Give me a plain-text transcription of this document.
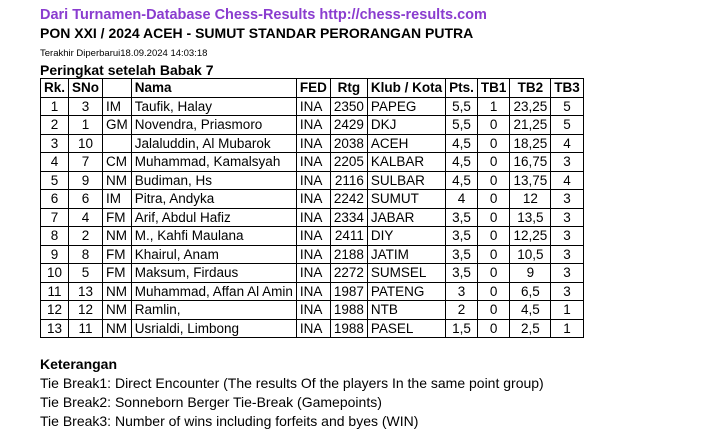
Dari Turnamen-Database Chess-Results http://chess-results.com
PON XXI / 2024 ACEH - SUMUT STANDAR PERORANGAN PUTRA
Terakhir Diperbarui18.09.2024 14:03:18
Peringkat setelah Babak 7
Rk.	SNo		Nama	FED	Rtg	Klub / Kota	Pts.	TB1	TB2	TB3
1	3	IM	Taufik, Halay	INA	2350	PAPEG	5,5	1	23,25	5
2	1	GM	Novendra, Priasmoro	INA	2429	DKJ	5,5	0	21,25	5
3	10		Jalaluddin, Al Mubarok	INA	2038	ACEH	4,5	0	18,25	4
4	7	CM	Muhammad, Kamalsyah	INA	2205	KALBAR	4,5	0	16,75	3
5	9	NM	Budiman, Hs	INA	2116	SULBAR	4,5	0	13,75	4
6	6	IM	Pitra, Andyka	INA	2242	SUMUT	4	0	12	3
7	4	FM	Arif, Abdul Hafiz	INA	2334	JABAR	3,5	0	13,5	3
8	2	NM	M., Kahfi Maulana	INA	2411	DIY	3,5	0	12,25	3
9	8	FM	Khairul, Anam	INA	2188	JATIM	3,5	0	10,5	3
10	5	FM	Maksum, Firdaus	INA	2272	SUMSEL	3,5	0	9	3
11	13	NM	Muhammad, Affan Al Amin	INA	1987	PATENG	3	0	6,5	3
12	12	NM	Ramlin,	INA	1988	NTB	2	0	4,5	1
13	11	NM	Usrialdi, Limbong	INA	1988	PASEL	1,5	0	2,5	1
Keterangan
Tie Break1: Direct Encounter (The results Of the players In the same point group)
Tie Break2: Sonneborn Berger Tie-Break (Gamepoints)
Tie Break3: Number of wins including forfeits and byes (WIN)
